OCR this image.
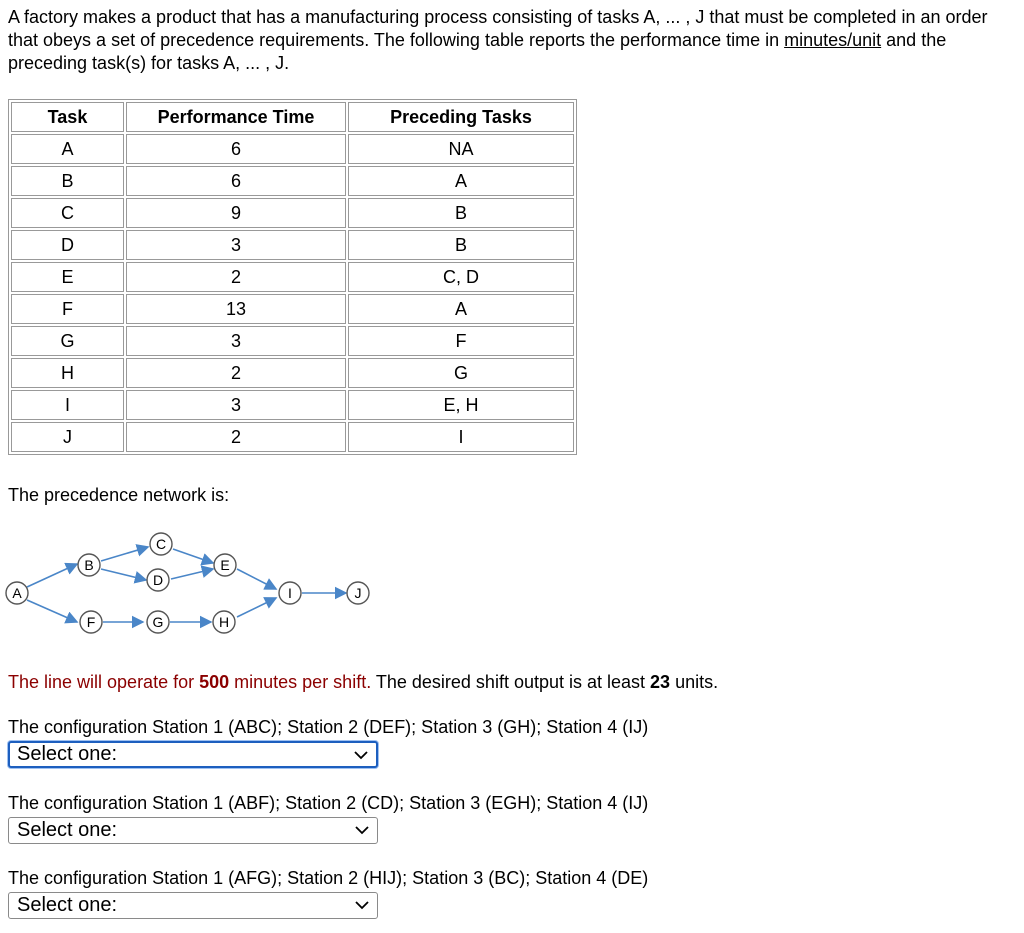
A factory makes a product that has a manufacturing process consisting of tasks A, ... , J that must be completed in an order that obeys a set of precedence requirements. The following table reports the performance time in minutes/unit and the preceding task(s) for tasks A, ... , J.
Task	Performance Time	Preceding Tasks
A	6	NA
B	6	A
C	9	B
D	3	B
E	2	C, D
F	13	A
G	3	F
H	2	G
I	3	E, H
J	2	I
The precedence network is:
A
B
C
D
E
F	G	H
I	J
The line will operate for 500 minutes per shift. The desired shift output is at least 23 units.
The configuration Station 1 (ABC); Station 2 (DEF); Station 3 (GH); Station 4 (IJ)
Select one:
The configuration Station 1 (ABF); Station 2 (CD); Station 3 (EGH); Station 4 (IJ)
Select one:
The configuration Station 1 (AFG); Station 2 (HIJ); Station 3 (BC); Station 4 (DE)
Select one:
